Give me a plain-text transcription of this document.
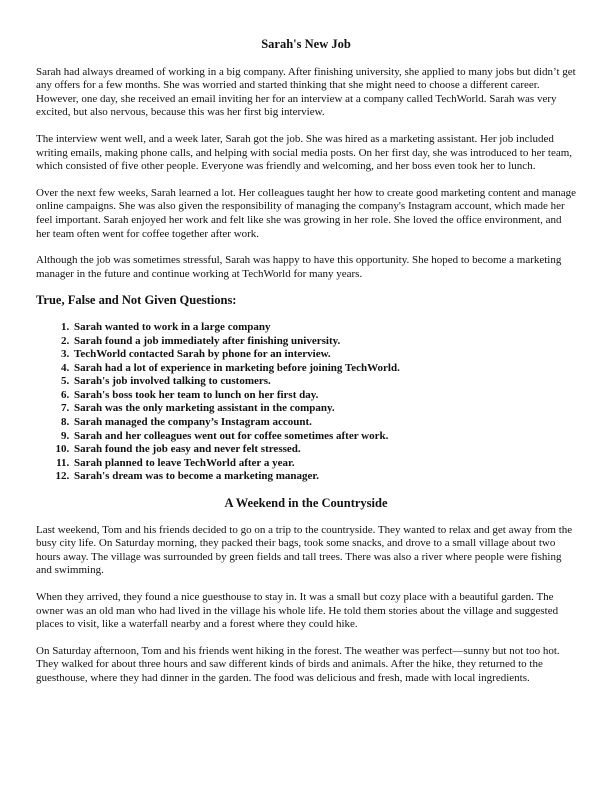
Sarah's New Job

Sarah had always dreamed of working in a big company. After finishing university, she applied to many jobs but didn’t get any offers for a few months. She was worried and started thinking that she might need to choose a different career. However, one day, she received an email inviting her for an interview at a company called TechWorld. Sarah was very excited, but also nervous, because this was her first big interview.

The interview went well, and a week later, Sarah got the job. She was hired as a marketing assistant. Her job included writing emails, making phone calls, and helping with social media posts. On her first day, she was introduced to her team, which consisted of five other people. Everyone was friendly and welcoming, and her boss even took her to lunch.

Over the next few weeks, Sarah learned a lot. Her colleagues taught her how to create good marketing content and manage online campaigns. She was also given the responsibility of managing the company's Instagram account, which made her feel important. Sarah enjoyed her work and felt like she was growing in her role. She loved the office environment, and her team often went for coffee together after work.

Although the job was sometimes stressful, Sarah was happy to have this opportunity. She hoped to become a marketing manager in the future and continue working at TechWorld for many years.

True, False and Not Given Questions:
1. Sarah wanted to work in a large company
2. Sarah found a job immediately after finishing university.
3. TechWorld contacted Sarah by phone for an interview.
4. Sarah had a lot of experience in marketing before joining TechWorld.
5. Sarah's job involved talking to customers.
6. Sarah's boss took her team to lunch on her first day.
7. Sarah was the only marketing assistant in the company.
8. Sarah managed the company’s Instagram account.
9. Sarah and her colleagues went out for coffee sometimes after work.
10. Sarah found the job easy and never felt stressed.
11. Sarah planned to leave TechWorld after a year.
12. Sarah's dream was to become a marketing manager.
A Weekend in the Countryside

Last weekend, Tom and his friends decided to go on a trip to the countryside. They wanted to relax and get away from the busy city life. On Saturday morning, they packed their bags, took some snacks, and drove to a small village about two hours away. The village was surrounded by green fields and tall trees. There was also a river where people were fishing and swimming.

When they arrived, they found a nice guesthouse to stay in. It was a small but cozy place with a beautiful garden. The owner was an old man who had lived in the village his whole life. He told them stories about the village and suggested places to visit, like a waterfall nearby and a forest where they could hike.

On Saturday afternoon, Tom and his friends went hiking in the forest. The weather was perfect—sunny but not too hot. They walked for about three hours and saw different kinds of birds and animals. After the hike, they returned to the guesthouse, where they had dinner in the garden. The food was delicious and fresh, made with local ingredients.
